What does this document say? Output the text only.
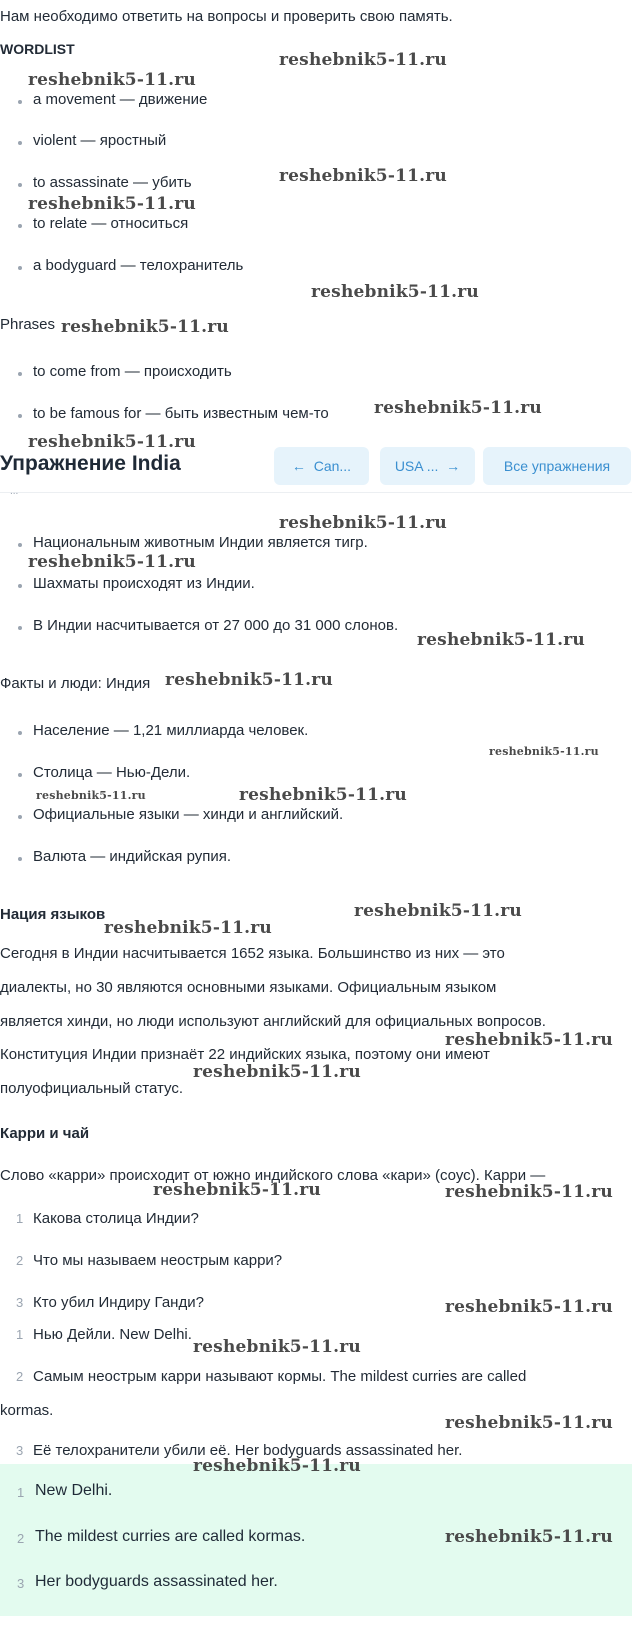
Нам необходимо ответить на вопросы и проверить свою память.
WORDLIST
a movement — движение
violent — яростный
to assassinate — убить
to relate — относиться
a bodyguard — телохранитель
Phrases
to come from — происходить
to be famous for — быть известным чем-то
Упражнение India	← Can...	USA ... →	Все упражнения
...
Национальным животным Индии является тигр.
Шахматы происходят из Индии.
В Индии насчитывается от 27 000 до 31 000 слонов.
Факты и люди: Индия
Население — 1,21 миллиарда человек.
Столица — Нью-Дели.
Официальные языки — хинди и английский.
Валюта — индийская рупия.
Нация языков
Сегодня в Индии насчитывается 1652 языка. Большинство из них — это
диалекты, но 30 являются основными языками. Официальным языком
является хинди, но люди используют английский для официальных вопросов.
Конституция Индии признаёт 22 индийских языка, поэтому они имеют
полуофициальный статус.
Карри и чай
Слово «карри» происходит от южно индийского слова «кари» (соус). Карри —
1 Какова столица Индии?
2 Что мы называем неострым карри?
3 Кто убил Индиру Ганди?
1 Нью Дейли. New Delhi.
2 Самым неострым карри называют кормы. The mildest curries are called
kormas.
3 Её телохранители убили её. Her bodyguards assassinated her.
1 New Delhi.
2 The mildest curries are called kormas.
3 Her bodyguards assassinated her.
reshebnik5-11.ru
reshebnik5-11.ru
reshebnik5-11.ru
reshebnik5-11.ru
reshebnik5-11.ru
reshebnik5-11.ru
reshebnik5-11.ru
reshebnik5-11.ru
reshebnik5-11.ru
reshebnik5-11.ru
reshebnik5-11.ru
reshebnik5-11.ru
reshebnik5-11.ru
reshebnik5-11.ru	reshebnik5-11.ru
reshebnik5-11.ru
reshebnik5-11.ru
reshebnik5-11.ru
reshebnik5-11.ru
reshebnik5-11.ru	reshebnik5-11.ru
reshebnik5-11.ru
reshebnik5-11.ru
reshebnik5-11.ru
reshebnik5-11.ru
reshebnik5-11.ru
